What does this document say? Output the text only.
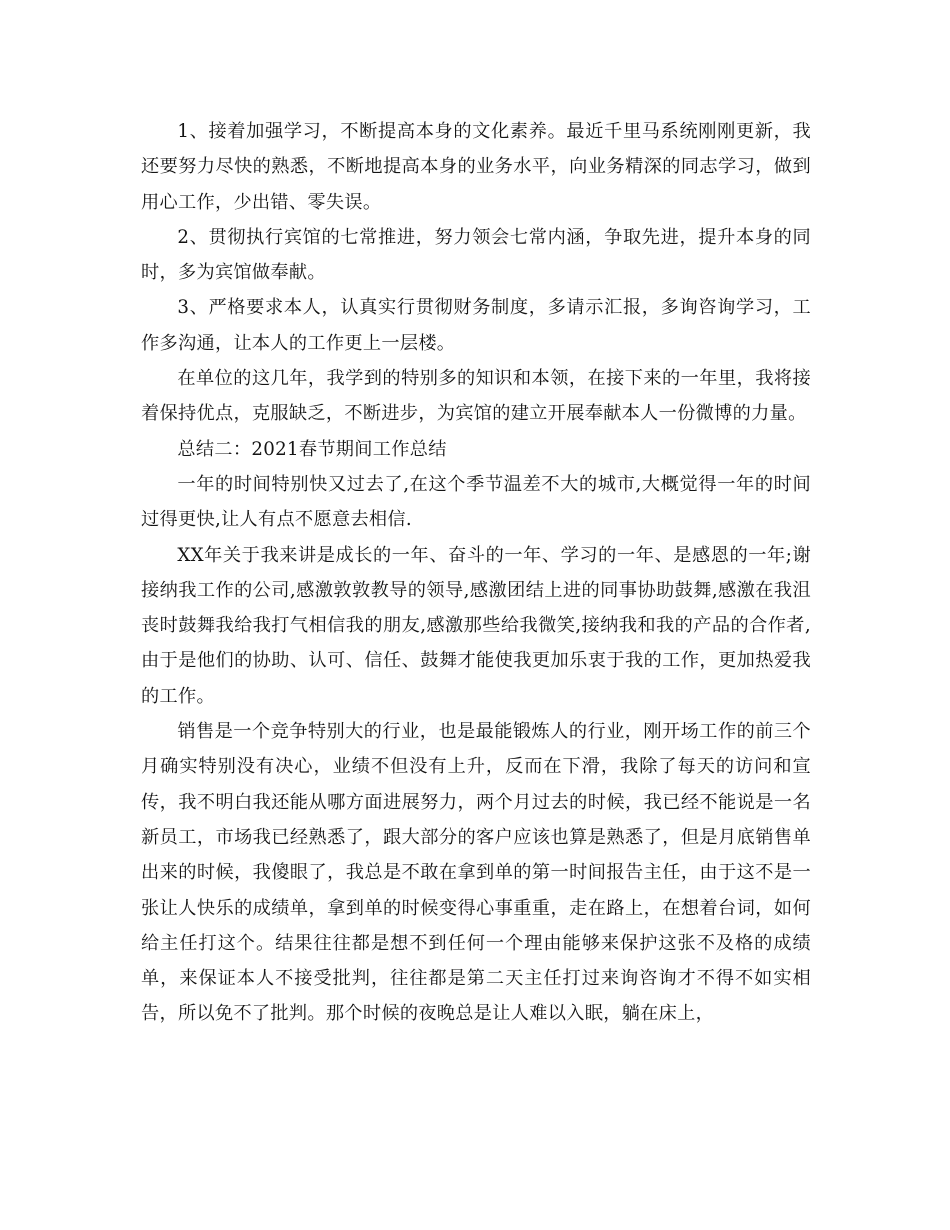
1、接着加强学习，不断提高本身的文化素养。最近千里马系统刚刚更新，我还要努力尽快的熟悉，不断地提高本身的业务水平，向业务精深的同志学习，做到用心工作，少出错、零失误。

2、贯彻执行宾馆的七常推进，努力领会七常内涵，争取先进，提升本身的同时，多为宾馆做奉献。

3、严格要求本人，认真实行贯彻财务制度，多请示汇报，多询咨询学习，工作多沟通，让本人的工作更上一层楼。

在单位的这几年，我学到的特别多的知识和本领，在接下来的一年里，我将接着保持优点，克服缺乏，不断进步，为宾馆的建立开展奉献本人一份微博的力量。

总结二：2021春节期间工作总结

一年的时间特别快又过去了,在这个季节温差不大的城市,大概觉得一年的时间过得更快,让人有点不愿意去相信.

XX年关于我来讲是成长的一年、奋斗的一年、学习的一年、是感恩的一年;谢接纳我工作的公司,感激敦敦教导的领导,感激团结上进的同事协助鼓舞,感激在我沮丧时鼓舞我给我打气相信我的朋友,感激那些给我微笑,接纳我和我的产品的合作者,由于是他们的协助、认可、信任、鼓舞才能使我更加乐衷于我的工作，更加热爱我的工作。

销售是一个竞争特别大的行业，也是最能锻炼人的行业，刚开场工作的前三个月确实特别没有决心，业绩不但没有上升，反而在下滑，我除了每天的访问和宣传，我不明白我还能从哪方面进展努力，两个月过去的时候，我已经不能说是一名新员工，市场我已经熟悉了，跟大部分的客户应该也算是熟悉了，但是月底销售单出来的时候，我傻眼了，我总是不敢在拿到单的第一时间报告主任，由于这不是一张让人快乐的成绩单，拿到单的时候变得心事重重，走在路上，在想着台词，如何给主任打这个。结果往往都是想不到任何一个理由能够来保护这张不及格的成绩单，来保证本人不接受批判，往往都是第二天主任打过来询咨询才不得不如实相告，所以免不了批判。那个时候的夜晚总是让人难以入眠，躺在床上，
